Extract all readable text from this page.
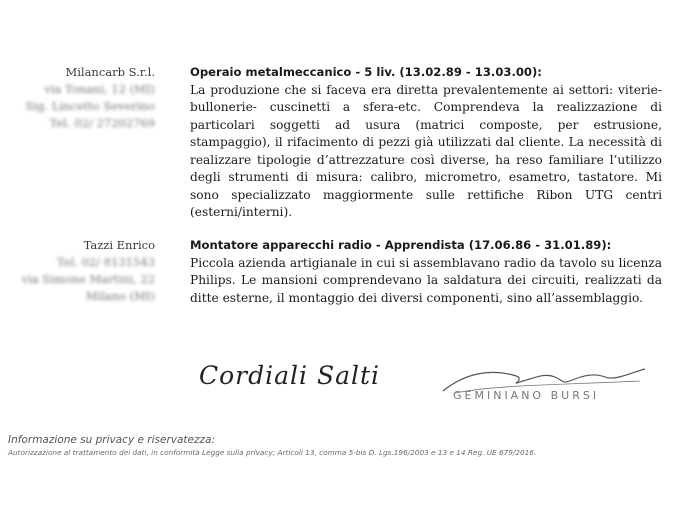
Milancarb S.r.l.
via Tonani, 12 (MI)
Sig. Lincetto Severino
Tel. 02/ 27202769
Operaio metalmeccanico - 5 liv. (13.02.89 - 13.03.00):

La produzione che si faceva era diretta prevalentemente ai settori: viterie-bullonerie- cuscinetti a sfera-etc. Comprendeva la realizzazione di particolari soggetti ad usura (matrici composte, per estrusione, stampaggio), il rifacimento di pezzi già utilizzati dal cliente. La necessità di realizzare tipologie d’attrezzature così diverse, ha reso familiare l’utilizzo degli strumenti di misura: calibro, micrometro, esametro, tastatore. Mi sono specializzato maggiormente sulle rettifiche Ribon UTG centri (esterni/interni).

Tazzi Enrico
Tel. 02/ 8131543
via Simone Martini, 22
Milano (MI)
Montatore apparecchi radio - Apprendista (17.06.86 - 31.01.89):

Piccola azienda artigianale in cui si assemblavano radio da tavolo su licenza Philips. Le mansioni comprendevano la saldatura dei circuiti, realizzati da ditte esterne, il montaggio dei diversi componenti, sino all’assemblaggio.

Cordiali Salti
GEMINIANO BURSI
Informazione su privacy e riservatezza:
Autorizzazione al trattamento dei dati, in conformità Legge sulla privacy; Articoli 13, comma 5-bis D. Lgs.196/2003 e 13 e 14 Reg. UE 679/2016.
